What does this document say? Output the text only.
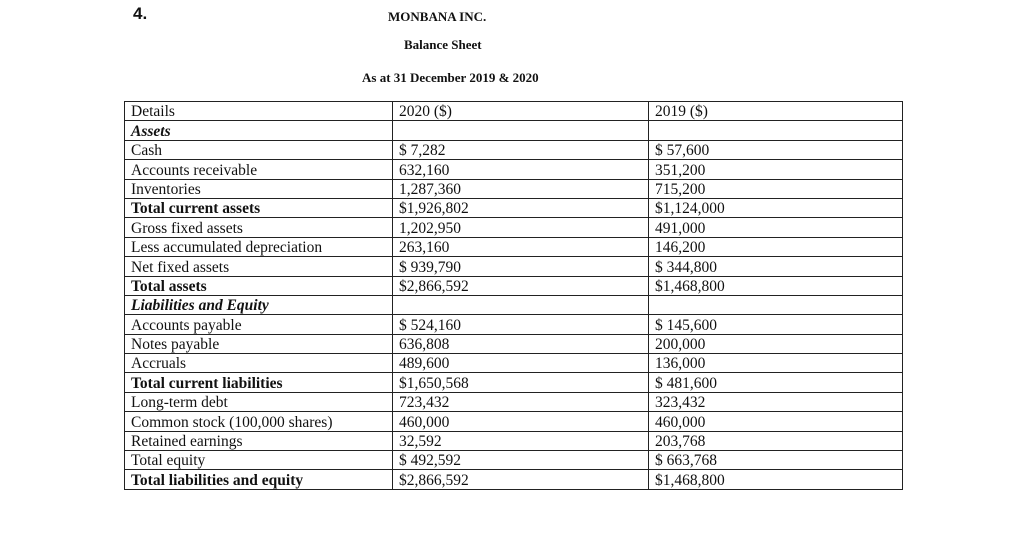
4.	MONBANA INC.
Balance Sheet
As at 31 December 2019 & 2020
Details	2020 ($)	2019 ($)
Assets		
Cash	$ 7,282	$ 57,600
Accounts receivable	632,160	351,200
Inventories	1,287,360	715,200
Total current assets	$1,926,802	$1,124,000
Gross fixed assets	1,202,950	491,000
Less accumulated depreciation	263,160	146,200
Net fixed assets	$ 939,790	$ 344,800
Total assets	$2,866,592	$1,468,800
Liabilities and Equity		
Accounts payable	$ 524,160	$ 145,600
Notes payable	636,808	200,000
Accruals	489,600	136,000
Total current liabilities	$1,650,568	$ 481,600
Long-term debt	723,432	323,432
Common stock (100,000 shares)	460,000	460,000
Retained earnings	32,592	203,768
Total equity	$ 492,592	$ 663,768
Total liabilities and equity	$2,866,592	$1,468,800
